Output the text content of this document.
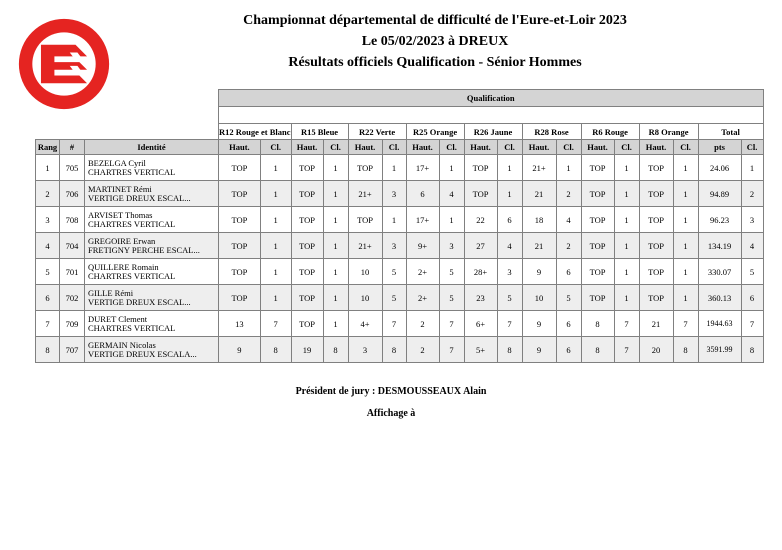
Championnat départemental de difficulté de l'Eure-et-Loir 2023
Le 05/02/2023 à DREUX
Résultats officiels Qualification - Sénior Hommes
			Qualification																	

			R12 Rouge et Blanc		R15 Bleue		R22 Verte		R25 Orange		R26 Jaune		R28 Rose		R6 Rouge		R8 Orange		Total	
Rang	#	Identité	Haut.	Cl.	Haut.	Cl.	Haut.	Cl.	Haut.	Cl.	Haut.	Cl.	Haut.	Cl.	Haut.	Cl.	Haut.	Cl.	pts	Cl.
1	705	BEZELGA Cyril
CHARTRES VERTICAL	TOP	1	TOP	1	TOP	1	17+	1	TOP	1	21+	1	TOP	1	TOP	1	24.06	1
2	706	MARTINET Rémi
VERTIGE DREUX ESCAL...	TOP	1	TOP	1	21+	3	6	4	TOP	1	21	2	TOP	1	TOP	1	94.89	2
3	708	ARVISET Thomas
CHARTRES VERTICAL	TOP	1	TOP	1	TOP	1	17+	1	22	6	18	4	TOP	1	TOP	1	96.23	3
4	704	GREGOIRE Erwan
FRETIGNY PERCHE ESCAL...	TOP	1	TOP	1	21+	3	9+	3	27	4	21	2	TOP	1	TOP	1	134.19	4
5	701	QUILLERE Romain
CHARTRES VERTICAL	TOP	1	TOP	1	10	5	2+	5	28+	3	9	6	TOP	1	TOP	1	330.07	5
6	702	GILLE Rémi
VERTIGE DREUX ESCAL...	TOP	1	TOP	1	10	5	2+	5	23	5	10	5	TOP	1	TOP	1	360.13	6
7	709	DURET Clement
CHARTRES VERTICAL	13	7	TOP	1	4+	7	2	7	6+	7	9	6	8	7	21	7	1944.63	7
8	707	GERMAIN Nicolas
VERTIGE DREUX ESCALA...	9	8	19	8	3	8	2	7	5+	8	9	6	8	7	20	8	3591.99	8
Président de jury : DESMOUSSEAUX Alain
Affichage à
